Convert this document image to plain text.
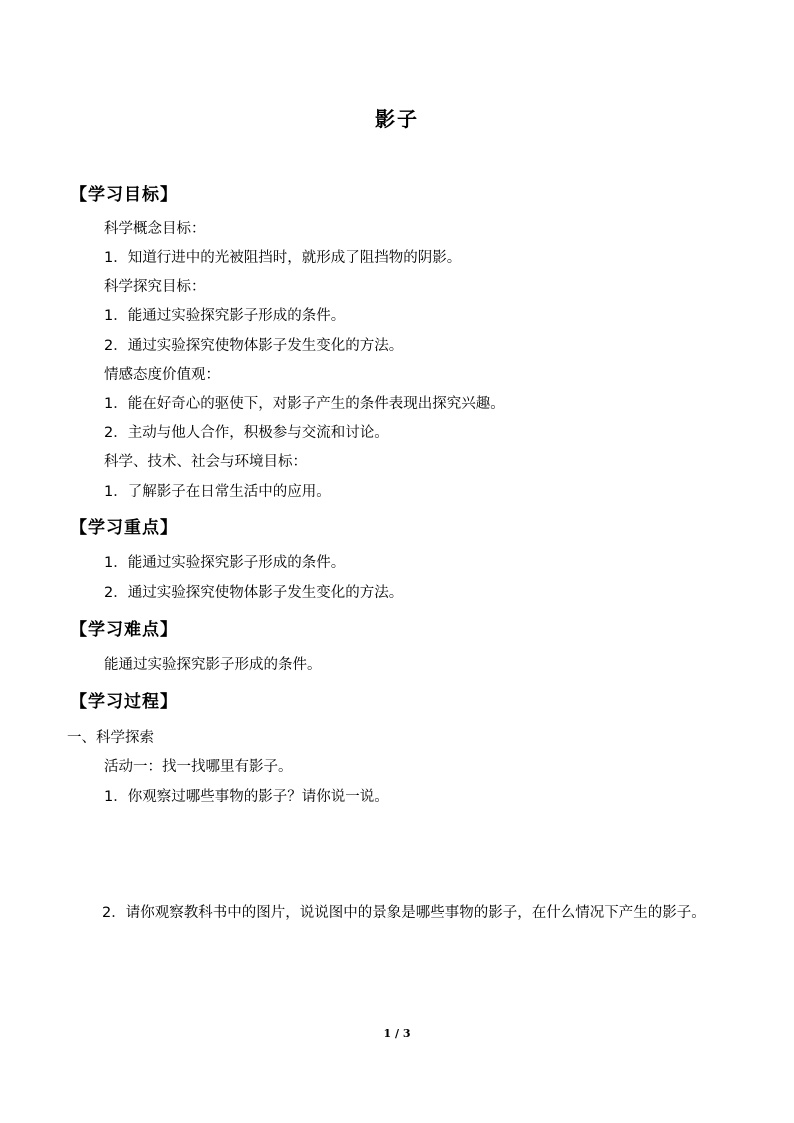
影子
【学习目标】
科学概念目标：
1．知道行进中的光被阻挡时，就形成了阻挡物的阴影。
科学探究目标：
1．能通过实验探究影子形成的条件。
2．通过实验探究使物体影子发生变化的方法。
情感态度价值观：
1．能在好奇心的驱使下，对影子产生的条件表现出探究兴趣。
2．主动与他人合作，积极参与交流和讨论。
科学、技术、社会与环境目标：
1．了解影子在日常生活中的应用。
【学习重点】
1．能通过实验探究影子形成的条件。
2．通过实验探究使物体影子发生变化的方法。
【学习难点】
能通过实验探究影子形成的条件。
【学习过程】
一、科学探索
活动一：找一找哪里有影子。
1．你观察过哪些事物的影子？请你说一说。
2．请你观察教科书中的图片，说说图中的景象是哪些事物的影子，在什么情况下产生的影子。
1 / 3
